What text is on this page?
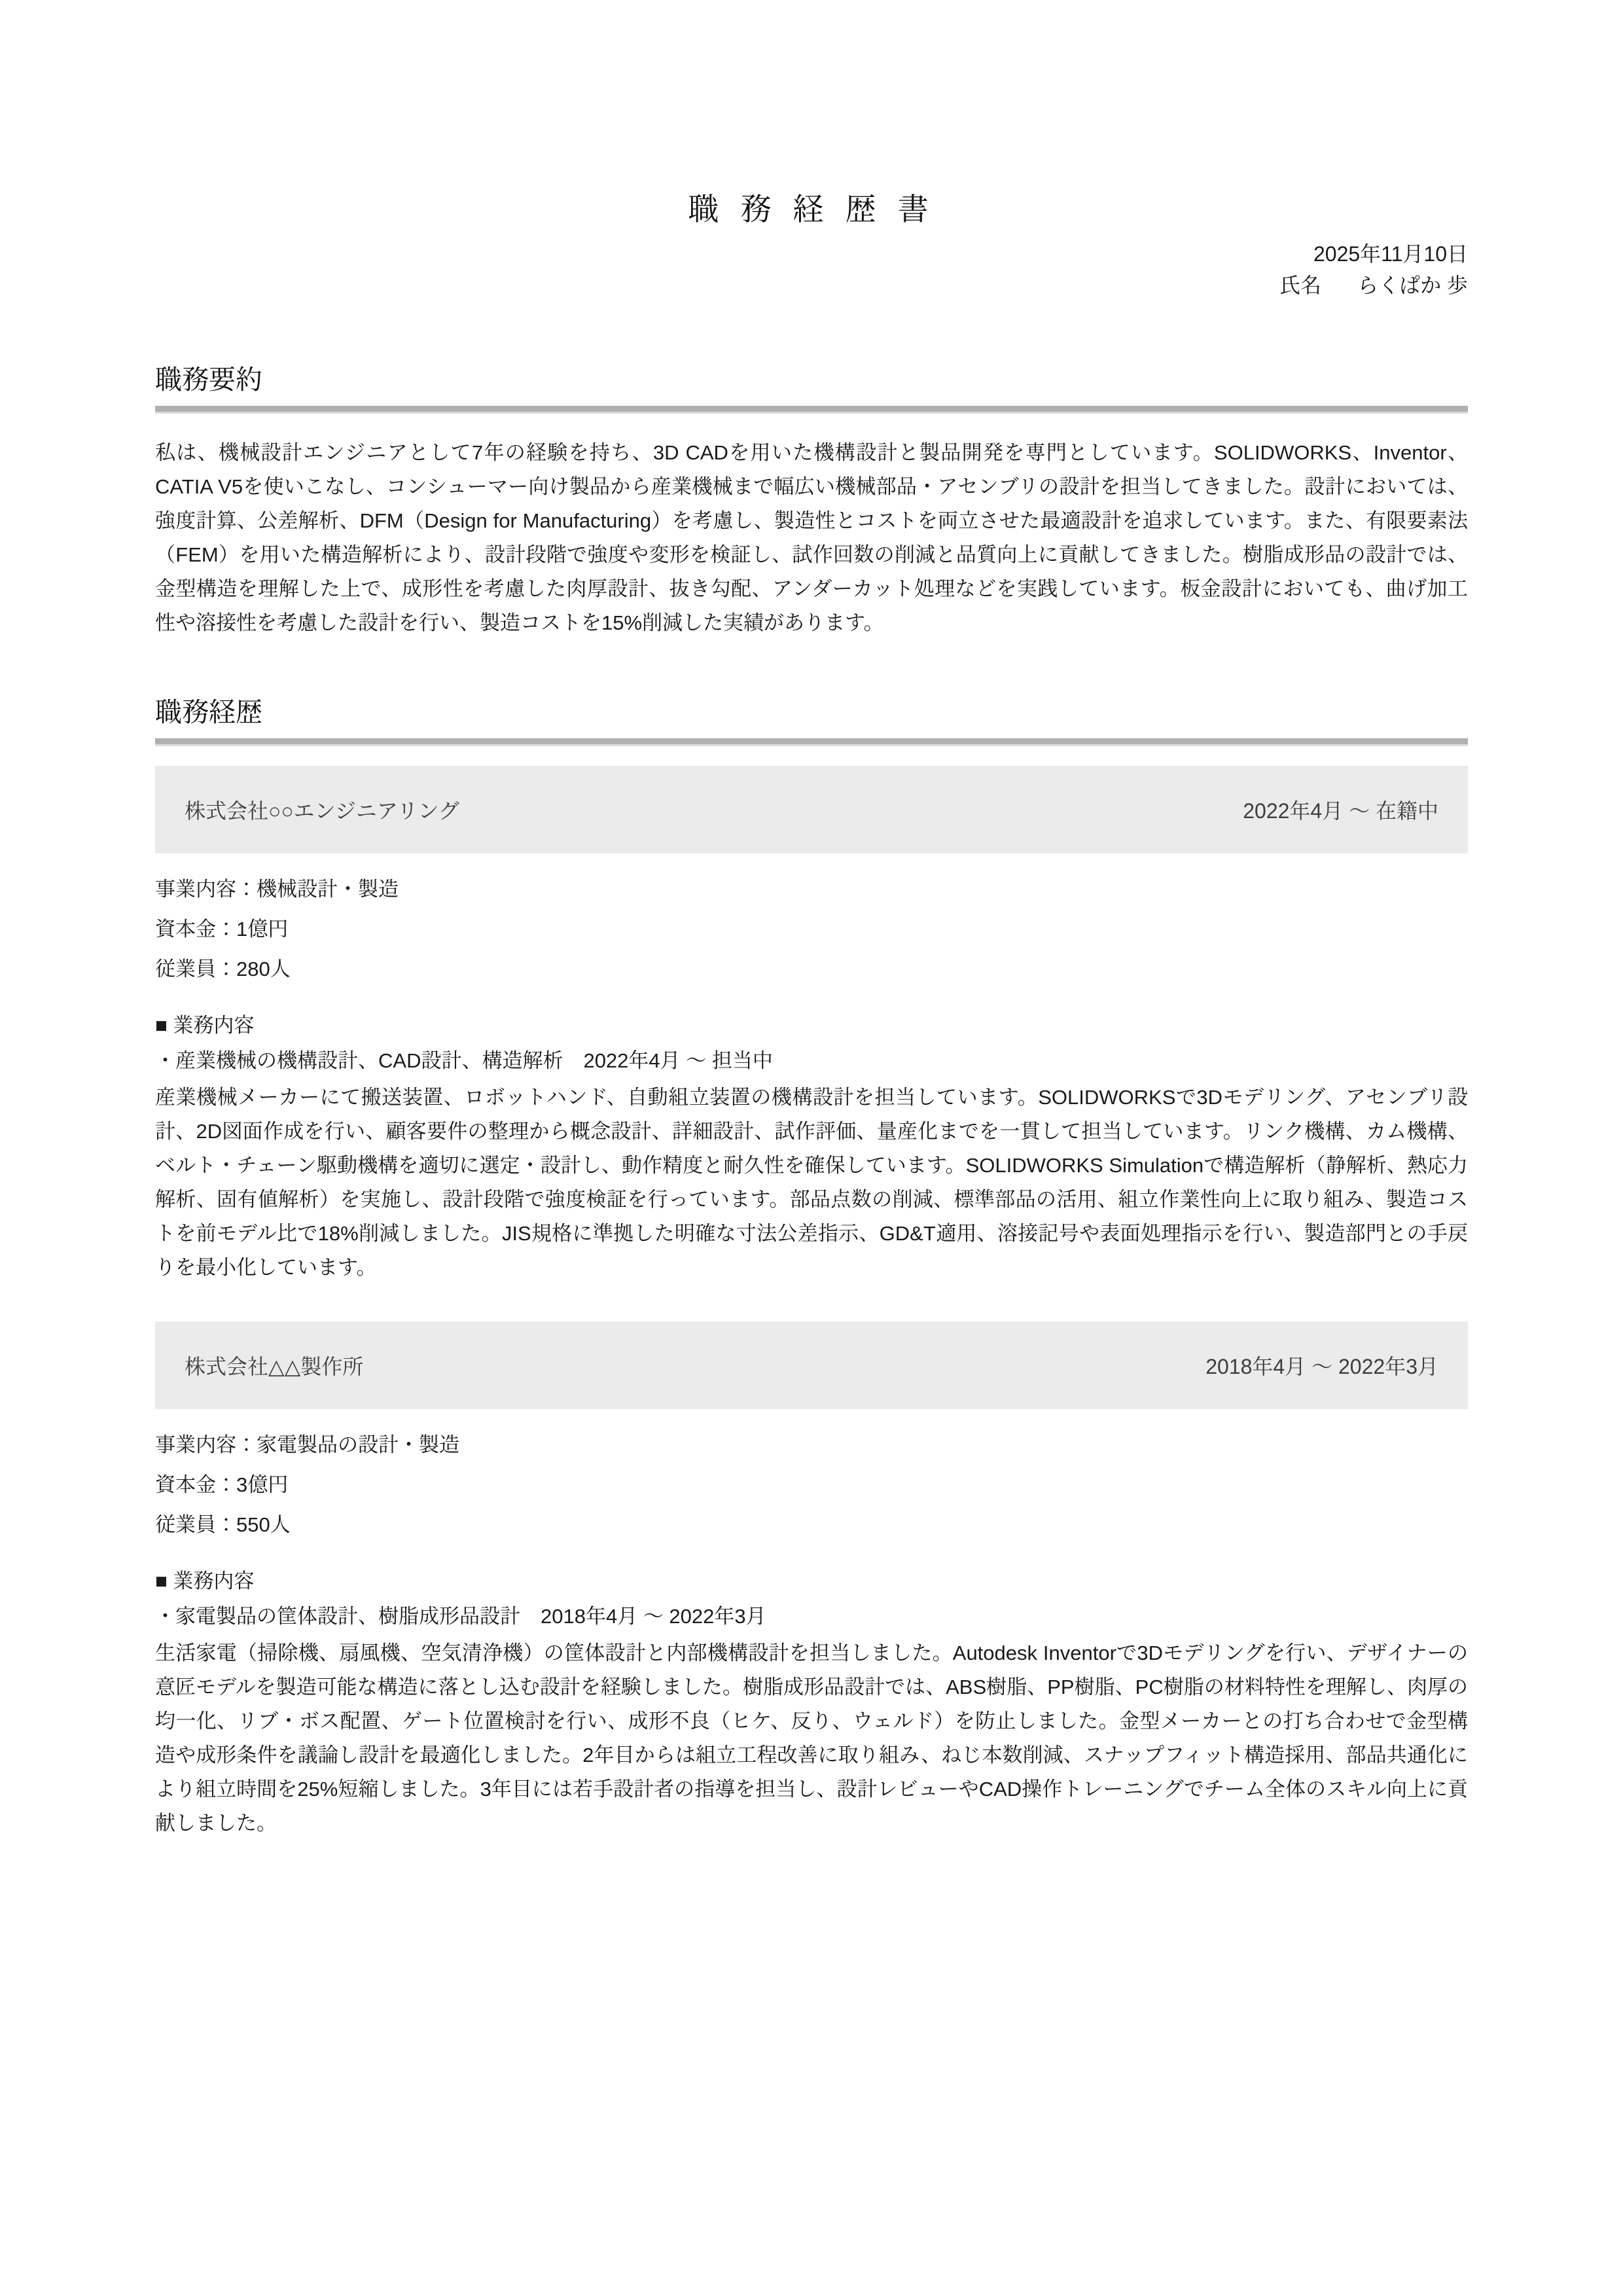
職 務 経 歴 書
2025年11月10日
氏名 らくぱか 歩
職務要約
私は、機械設計エンジニアとして7年の経験を持ち、3D CADを用いた機構設計と製品開発を専門としています。SOLIDWORKS、Inventor、CATIA V5を使いこなし、コンシューマー向け製品から産業機械まで幅広い機械部品・アセンブリの設計を担当してきました。設計においては、強度計算、公差解析、DFM（Design for Manufacturing）を考慮し、製造性とコストを両立させた最適設計を追求しています。また、有限要素法（FEM）を用いた構造解析により、設計段階で強度や変形を検証し、試作回数の削減と品質向上に貢献してきました。樹脂成形品の設計では、金型構造を理解した上で、成形性を考慮した肉厚設計、抜き勾配、アンダーカット処理などを実践しています。板金設計においても、曲げ加工性や溶接性を考慮した設計を行い、製造コストを15%削減した実績があります。
職務経歴
株式会社○○エンジニアリング	2022年4月 〜 在籍中

事業内容：機械設計・製造

資本金：1億円

従業員：280人

■ 業務内容
・産業機械の機構設計、CAD設計、構造解析　2022年4月 〜 担当中
産業機械メーカーにて搬送装置、ロボットハンド、自動組立装置の機構設計を担当しています。SOLIDWORKSで3Dモデリング、アセンブリ設計、2D図面作成を行い、顧客要件の整理から概念設計、詳細設計、試作評価、量産化までを一貫して担当しています。リンク機構、カム機構、ベルト・チェーン駆動機構を適切に選定・設計し、動作精度と耐久性を確保しています。SOLIDWORKS Simulationで構造解析（静解析、熱応力解析、固有値解析）を実施し、設計段階で強度検証を行っています。部品点数の削減、標準部品の活用、組立作業性向上に取り組み、製造コストを前モデル比で18%削減しました。JIS規格に準拠した明確な寸法公差指示、GD&T適用、溶接記号や表面処理指示を行い、製造部門との手戻りを最小化しています。
株式会社△△製作所	2018年4月 〜 2022年3月

事業内容：家電製品の設計・製造

資本金：3億円

従業員：550人

■ 業務内容
・家電製品の筐体設計、樹脂成形品設計　2018年4月 〜 2022年3月
生活家電（掃除機、扇風機、空気清浄機）の筐体設計と内部機構設計を担当しました。Autodesk Inventorで3Dモデリングを行い、デザイナーの意匠モデルを製造可能な構造に落とし込む設計を経験しました。樹脂成形品設計では、ABS樹脂、PP樹脂、PC樹脂の材料特性を理解し、肉厚の均一化、リブ・ボス配置、ゲート位置検討を行い、成形不良（ヒケ、反り、ウェルド）を防止しました。金型メーカーとの打ち合わせで金型構造や成形条件を議論し設計を最適化しました。2年目からは組立工程改善に取り組み、ねじ本数削減、スナップフィット構造採用、部品共通化により組立時間を25%短縮しました。3年目には若手設計者の指導を担当し、設計レビューやCAD操作トレーニングでチーム全体のスキル向上に貢献しました。
